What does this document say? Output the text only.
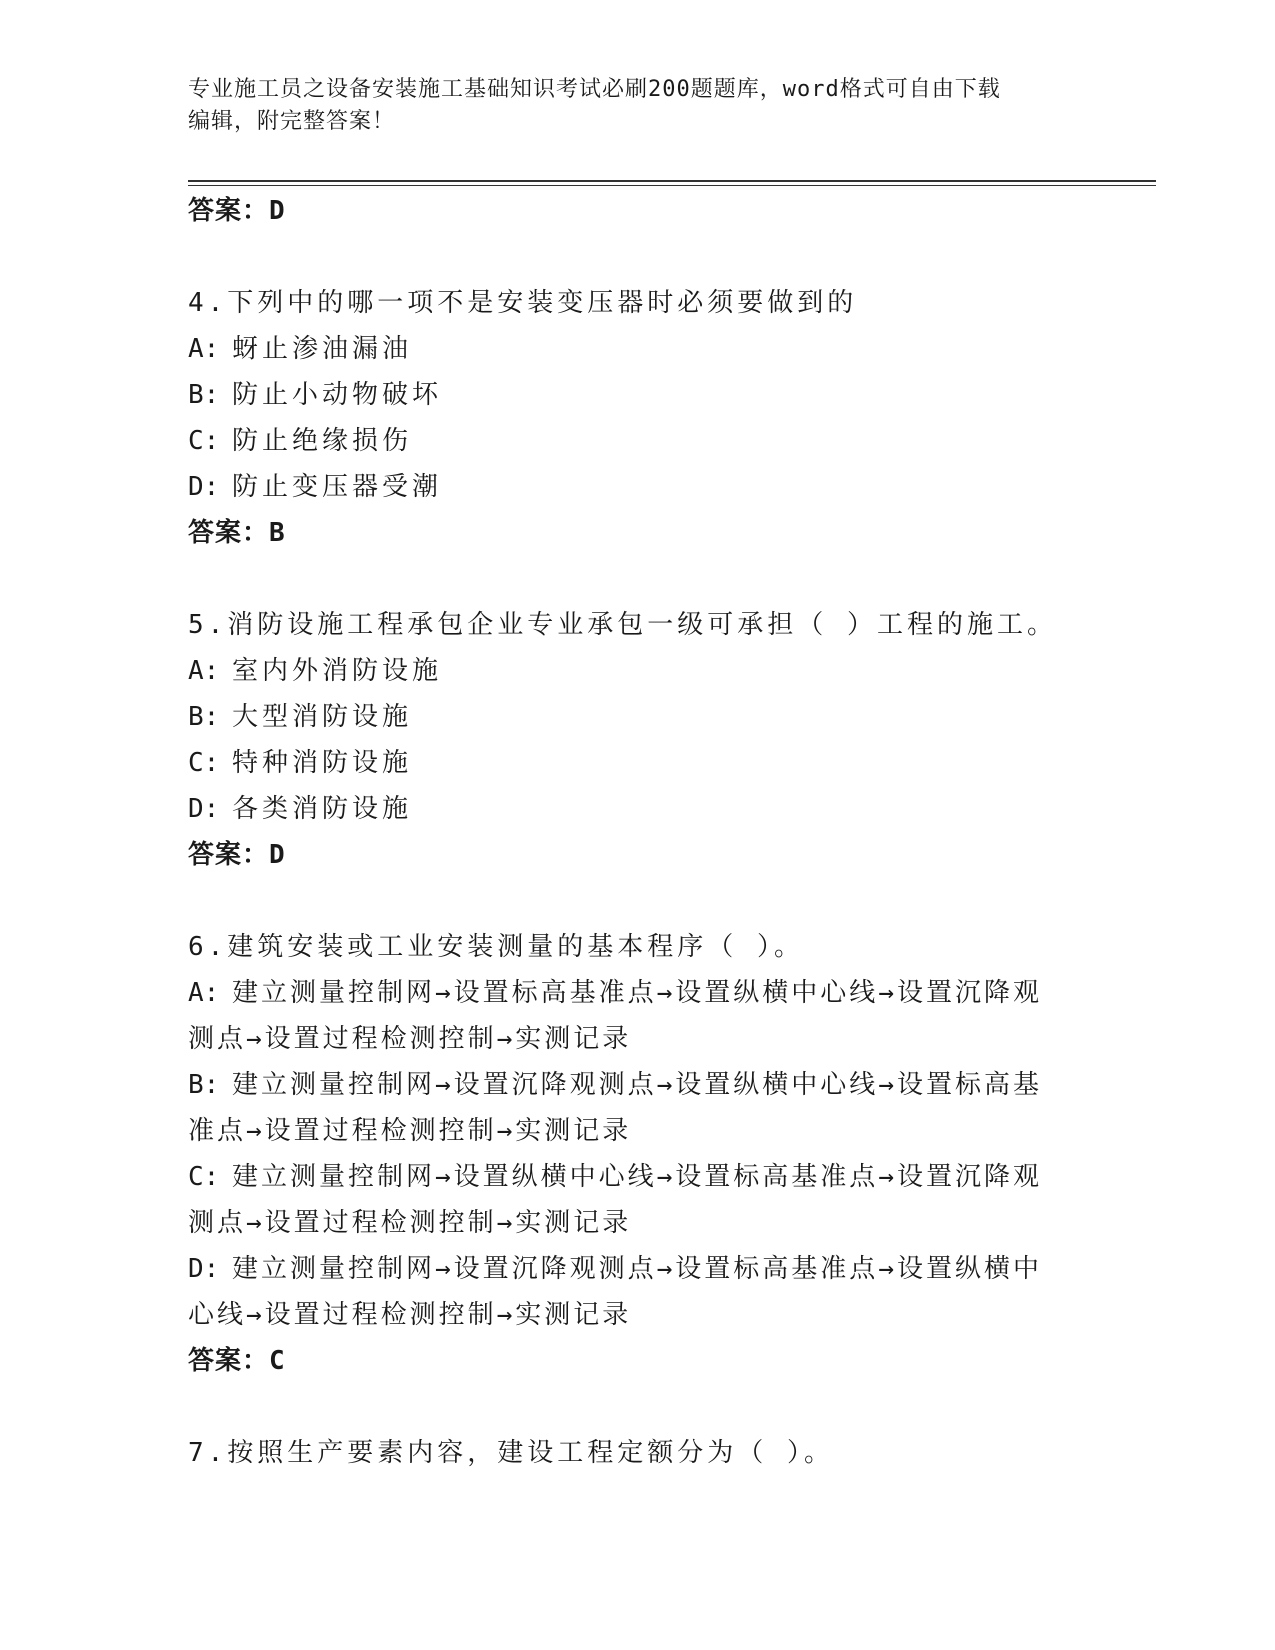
专业施工员之设备安装施工基础知识考试必刷200题题库，word格式可自由下载
编辑，附完整答案！

答案：D

4.下列中的哪一项不是安装变压器时必须要做到的

A: 蚜止渗油漏油

B: 防止小动物破坏

C: 防止绝缘损伤

D: 防止变压器受潮

答案：B

5.消防设施工程承包企业专业承包一级可承担（ ）工程的施工。

A: 室内外消防设施

B: 大型消防设施

C: 特种消防设施

D: 各类消防设施

答案：D

6.建筑安装或工业安装测量的基本程序（ ）。

A: 建立测量控制网→设置标高基准点→设置纵横中心线→设置沉降观

测点→设置过程检测控制→实测记录

B: 建立测量控制网→设置沉降观测点→设置纵横中心线→设置标高基

准点→设置过程检测控制→实测记录

C: 建立测量控制网→设置纵横中心线→设置标高基准点→设置沉降观

测点→设置过程检测控制→实测记录

D: 建立测量控制网→设置沉降观测点→设置标高基准点→设置纵横中

心线→设置过程检测控制→实测记录

答案：C

7.按照生产要素内容，建设工程定额分为（ ）。
